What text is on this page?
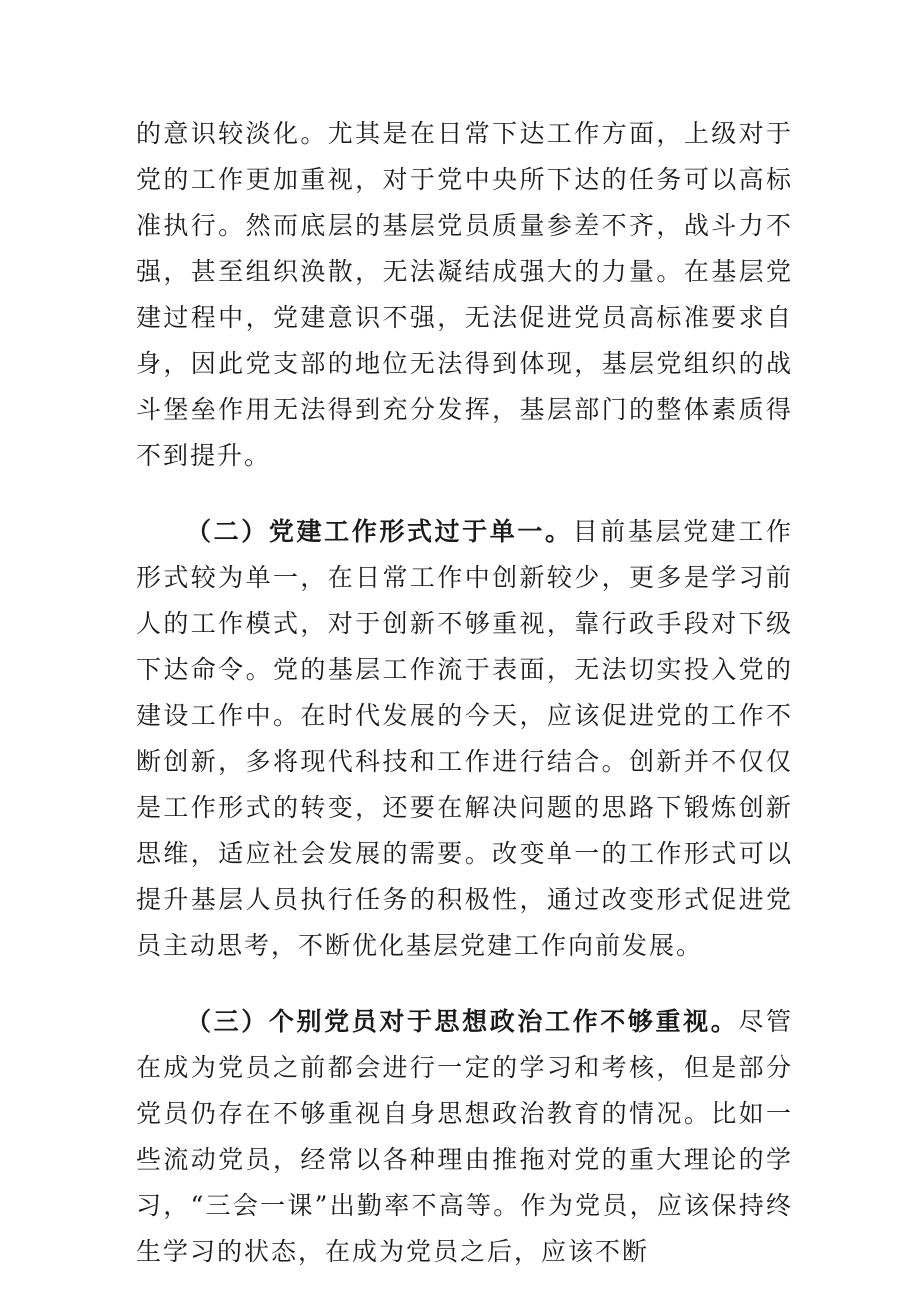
的意识较淡化。尤其是在日常下达工作方面，上级对于党的工作更加重视，对于党中央所下达的任务可以高标准执行。然而底层的基层党员质量参差不齐，战斗力不强，甚至组织涣散，无法凝结成强大的力量。在基层党建过程中，党建意识不强，无法促进党员高标准要求自身，因此党支部的地位无法得到体现，基层党组织的战斗堡垒作用无法得到充分发挥，基层部门的整体素质得不到提升。

（二）党建工作形式过于单一。目前基层党建工作形式较为单一，在日常工作中创新较少，更多是学习前人的工作模式，对于创新不够重视，靠行政手段对下级下达命令。党的基层工作流于表面，无法切实投入党的建设工作中。在时代发展的今天，应该促进党的工作不断创新，多将现代科技和工作进行结合。创新并不仅仅是工作形式的转变，还要在解决问题的思路下锻炼创新思维，适应社会发展的需要。改变单一的工作形式可以提升基层人员执行任务的积极性，通过改变形式促进党员主动思考，不断优化基层党建工作向前发展。

（三）个别党员对于思想政治工作不够重视。尽管在成为党员之前都会进行一定的学习和考核，但是部分党员仍存在不够重视自身思想政治教育的情况。比如一些流动党员，经常以各种理由推拖对党的重大理论的学习，“三会一课”出勤率不高等。作为党员，应该保持终生学习的状态，在成为党员之后，应该不断
